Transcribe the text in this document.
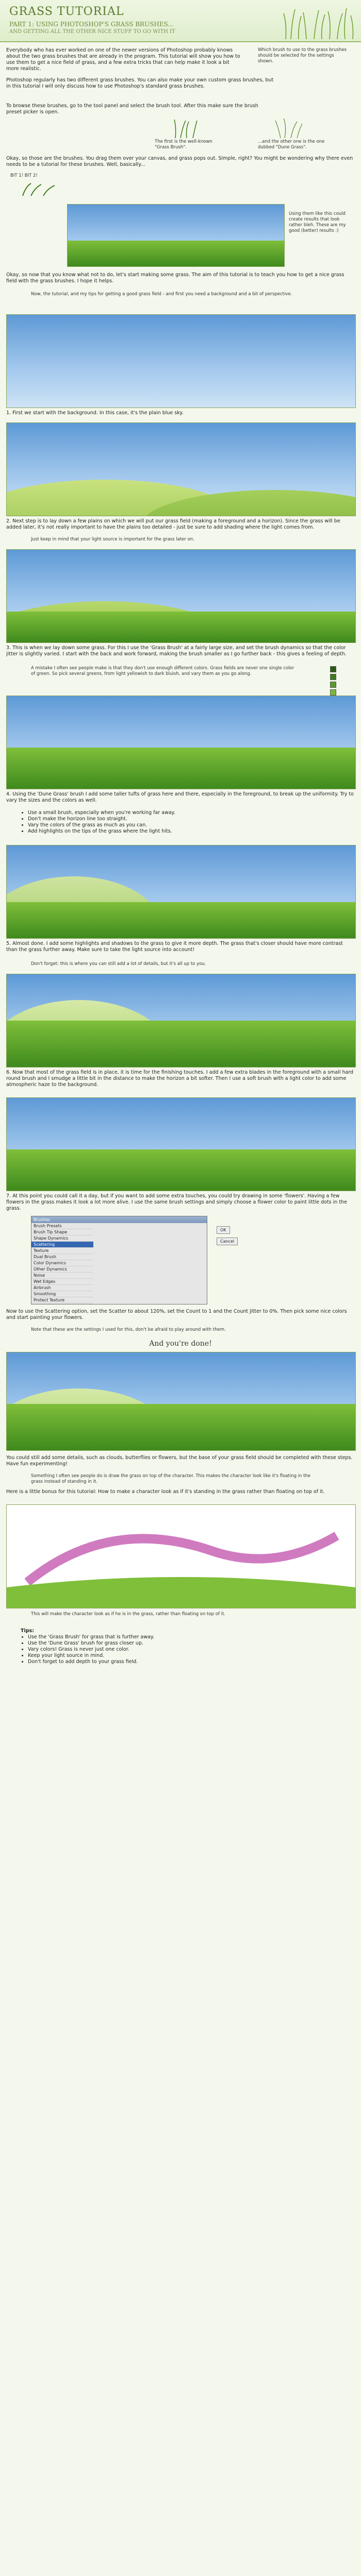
GRASS TUTORIAL
PART 1: USING PHOTOSHOP'S GRASS BRUSHES...
AND GETTING ALL THE OTHER NICE STUFF TO GO WITH IT
Everybody who has ever worked on one of the newer versions of Photoshop probably knows about the two grass brushes that are already in the program. This tutorial will show you how to use them to get a nice field of grass, and a few extra tricks that can help make it look a bit more realistic.
Which brush to use to the grass brushes should be selected for the settings shown.
Photoshop regularly has two different grass brushes. You can also make your own custom grass brushes, but in this tutorial I will only discuss how to use Photoshop's standard grass brushes.
To browse these brushes, go to the tool panel and select the brush tool. After this make sure the brush preset picker is open.
The first is the well-known "Grass Brush".
...and the other one is the one dubbed "Dune Grass".
Okay, so those are the brushes. You drag them over your canvas, and grass pops out. Simple, right? You might be wondering why there even needs to be a tutorial for these brushes. Well, basically...
BIT 1! BIT 2!
Using them like this could create results that look rather bleh. These are my good (better) results :)
Okay, so now that you know what not to do, let's start making some grass. The aim of this tutorial is to teach you how to get a nice grass field with the grass brushes. I hope it helps.
Now, the tutorial, and my tips for getting a good grass field - and first you need a background and a bit of perspective.
1. First we start with the background. In this case, it's the plain blue sky.
2. Next step is to lay down a few plains on which we will put our grass field (making a foreground and a horizon). Since the grass will be added later, it's not really important to have the plains too detailed - just be sure to add shading where the light comes from.
Just keep in mind that your light source is important for the grass later on.
3. This is when we lay down some grass. For this I use the 'Grass Brush' at a fairly large size, and set the brush dynamics so that the color jitter is slightly varied. I start with the back and work forward, making the brush smaller as I go further back - this gives a feeling of depth.
A mistake I often see people make is that they don't use enough different colors. Grass fields are never one single color of green. So pick several greens, from light yellowish to dark bluish, and vary them as you go along.
4. Using the 'Dune Grass' brush I add some taller tufts of grass here and there, especially in the foreground, to break up the uniformity. Try to vary the sizes and the colors as well.
• Use a small brush, especially when you're working far away.
• Don't make the horizon line too straight.
• Vary the colors of the grass as much as you can.
• Add highlights on the tips of the grass where the light hits.
5. Almost done. I add some highlights and shadows to the grass to give it more depth. The grass that's closer should have more contrast than the grass further away. Make sure to take the light source into account!
Don't forget: this is where you can still add a lot of details, but it's all up to you.
6. Now that most of the grass field is in place, it is time for the finishing touches. I add a few extra blades in the foreground with a small hard round brush and I smudge a little bit in the distance to make the horizon a bit softer. Then I use a soft brush with a light color to add some atmospheric haze to the background.
7. At this point you could call it a day, but if you want to add some extra touches, you could try drawing in some 'flowers'. Having a few flowers in the grass makes it look a lot more alive. I use the same brush settings and simply choose a flower color to paint little dots in the grass.
Brushes
Brush Presets
Brush Tip Shape
Shape Dynamics
Scattering
Texture
Dual Brush
Color Dynamics
Other Dynamics
Noise
Wet Edges
Airbrush
Smoothing
Protect Texture
OK
Cancel
Now to use the Scattering option, set the Scatter to about 120%, set the Count to 1 and the Count Jitter to 0%. Then pick some nice colors and start painting your flowers.
Note that these are the settings I used for this, don't be afraid to play around with them.
And you're done!
You could still add some details, such as clouds, butterflies or flowers, but the base of your grass field should be completed with these steps. Have fun experimenting!
Something I often see people do is draw the grass on top of the character. This makes the character look like it's floating in the grass instead of standing in it.
Here is a little bonus for this tutorial: How to make a character look as if it's standing in the grass rather than floating on top of it.
This will make the character look as if he is in the grass, rather than floating on top of it.
Tips:
• Use the 'Grass Brush' for grass that is further away.
• Use the 'Dune Grass' brush for grass closer up.
• Vary colors! Grass is never just one color.
• Keep your light source in mind.
• Don't forget to add depth to your grass field.
